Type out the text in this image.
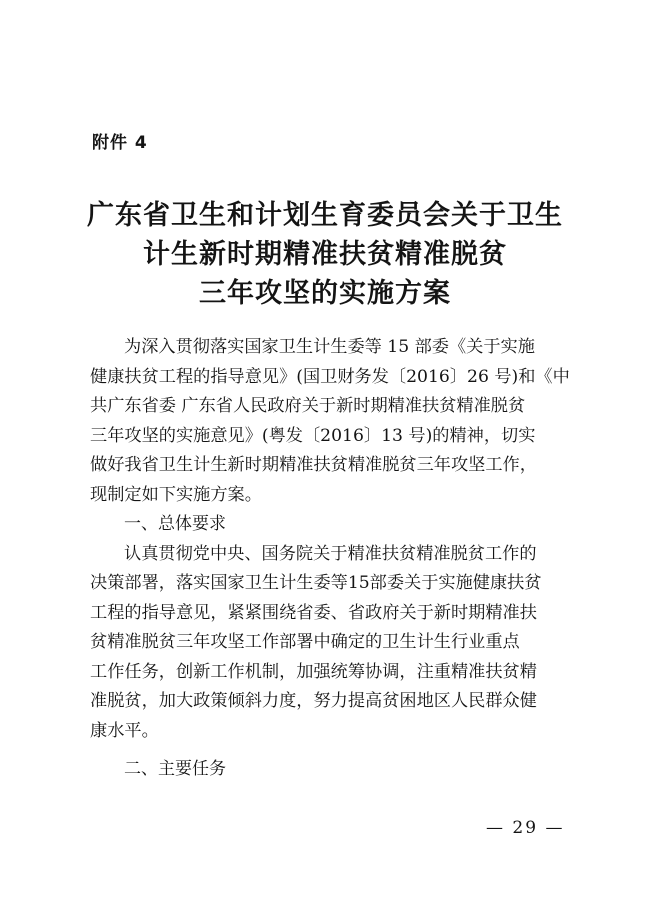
附件 4
广东省卫生和计划生育委员会关于卫生
计生新时期精准扶贫精准脱贫
三年攻坚的实施方案
为深入贯彻落实国家卫生计生委等 15 部委《关于实施
健康扶贫工程的指导意见》(国卫财务发〔2016〕26 号)和《中
共广东省委 广东省人民政府关于新时期精准扶贫精准脱贫
三年攻坚的实施意见》(粤发〔2016〕13 号)的精神，切实
做好我省卫生计生新时期精准扶贫精准脱贫三年攻坚工作，
现制定如下实施方案。
一、总体要求
认真贯彻党中央、国务院关于精准扶贫精准脱贫工作的
决策部署，落实国家卫生计生委等15部委关于实施健康扶贫
工程的指导意见，紧紧围绕省委、省政府关于新时期精准扶
贫精准脱贫三年攻坚工作部署中确定的卫生计生行业重点
工作任务，创新工作机制，加强统筹协调，注重精准扶贫精
准脱贫，加大政策倾斜力度，努力提高贫困地区人民群众健
康水平。
二、主要任务
— 29 —
